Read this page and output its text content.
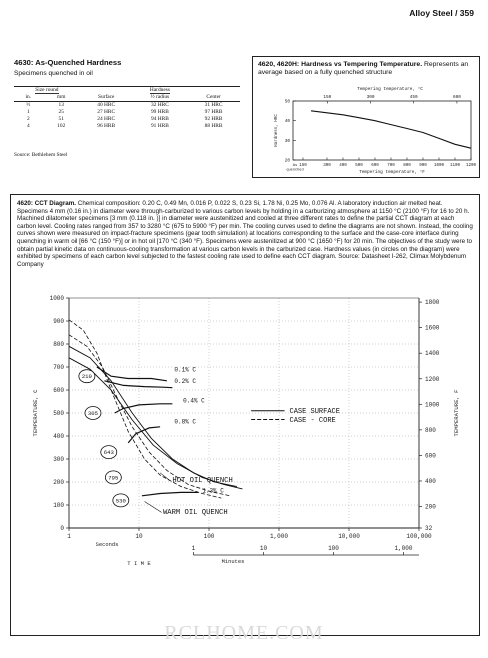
Alloy Steel / 359
4630: As-Quenched Hardness
Specimens quenched in oil
Size round		Hardness		
in.	mm	Surface	½ radius	Center
½	13	40 HRC	32 HRC	31 HRC
1	25	27 HRC	99 HRB	97 HRB
2	51	24 HRC	94 HRB	92 HRB
4	102	96 HRB	91 HRB	88 HRB
Source: Bethlehem Steel
4620, 4620H: Hardness vs Tempering Temperature. Represents an average based on a fully quenched structure
Tempering temperature, °C
Tempering temperature, °F
Hardness, HRC
50
40
30
20
As
quenched
150	300 400 500 600 700 800 900 1000 1100 1200
150	300	450	600
4620: CCT Diagram. Chemical composition: 0.20 C, 0.49 Mn, 0.016 P, 0.022 S, 0.23 Si, 1.78 Ni, 0.25 Mo, 0.076 Al. A laboratory induction air melted heat. Specimens 4 mm (0.16 in.) in diameter were through-carburized to various carbon levels by holding in a carburizing atmosphere at 1150 °C (2100 °F) for 16 to 20 h. Machined dilatometer specimens [3 mm (0.118 in. )] in diameter were austenitized and cooled at three different rates to define the partial CCT diagram at each carbon level. Cooling rates ranged from 357 to 3280 °C (675 to 5900 °F) per min. The cooling curves used to define the diagrams are not shown. Instead, the cooling curves shown were measured on impact-fracture specimens (gear tooth simulation) at locations corresponding to the surface and the case-core interface during quenching in warm oil [66 °C (150 °F)] or in hot oil [170 °C (340 °F). Specimens were austenitized at 900 °C (1650 °F) for 20 min. The objectives of the study were to obtain partial kinetic data on continuous-cooling transformation at various carbon levels in the carburized case. Hardness values (in circles on the diagram) were exhibited by specimens of each carbon level subjected to the fastest cooling rate used to define each CCT diagram. Source: Datasheet I-262, Climax Molybdenum Company
1000
900
800
700
600
500
400
300
200
100
0
TEMPERATURE, C
1800
1600
1400
1200
1000
800
600
400
200
32
TEMPERATURE, F
1	10	100	1,000	10,000	100,000
Seconds	1	10	100	1,000
Minutes
T I M E
0.1% C
0.2% C
0.4% C
0.8% C
1.3% C
210
305
643
795
530
HOT OIL QUENCH
WARM OIL QUENCH
CASE SURFACE
CASE - CORE
RCLHOME.COM
